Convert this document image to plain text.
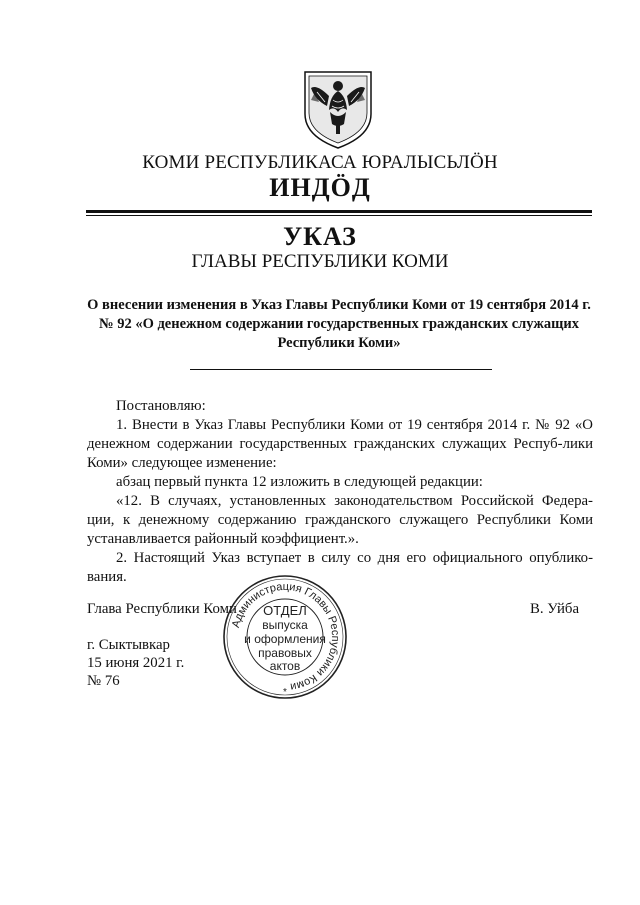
КОМИ РЕСПУБЛИКАСА ЮРАЛЫСЬЛÖН
ИНДÖД
УКАЗ
ГЛАВЫ РЕСПУБЛИКИ КОМИ
О внесении изменения в Указ Главы Республики Коми от 19 сентября 2014 г. № 92 «О денежном содержании государственных гражданских служащих Республики Коми»

Постановляю:

1. Внести в Указ Главы Республики Коми от 19 сентября 2014 г. № 92 «О денежном содержании государственных гражданских служащих Респуб-лики Коми» следующее изменение:

абзац первый пункта 12 изложить в следующей редакции:

«12. В случаях, установленных законодательством Российской Федера-ции, к денежному содержанию гражданского служащего Республики Коми устанавливается районный коэффициент.».

2. Настоящий Указ вступает в силу со дня его официального опублико-вания.

Глава Республики Коми	В. Уйба
г. Сыктывкар
15 июня 2021 г.
№ 76
Администрация Главы Республики Коми
ОТДЕЛ
выпуска
и оформления
правовых
актов
*
